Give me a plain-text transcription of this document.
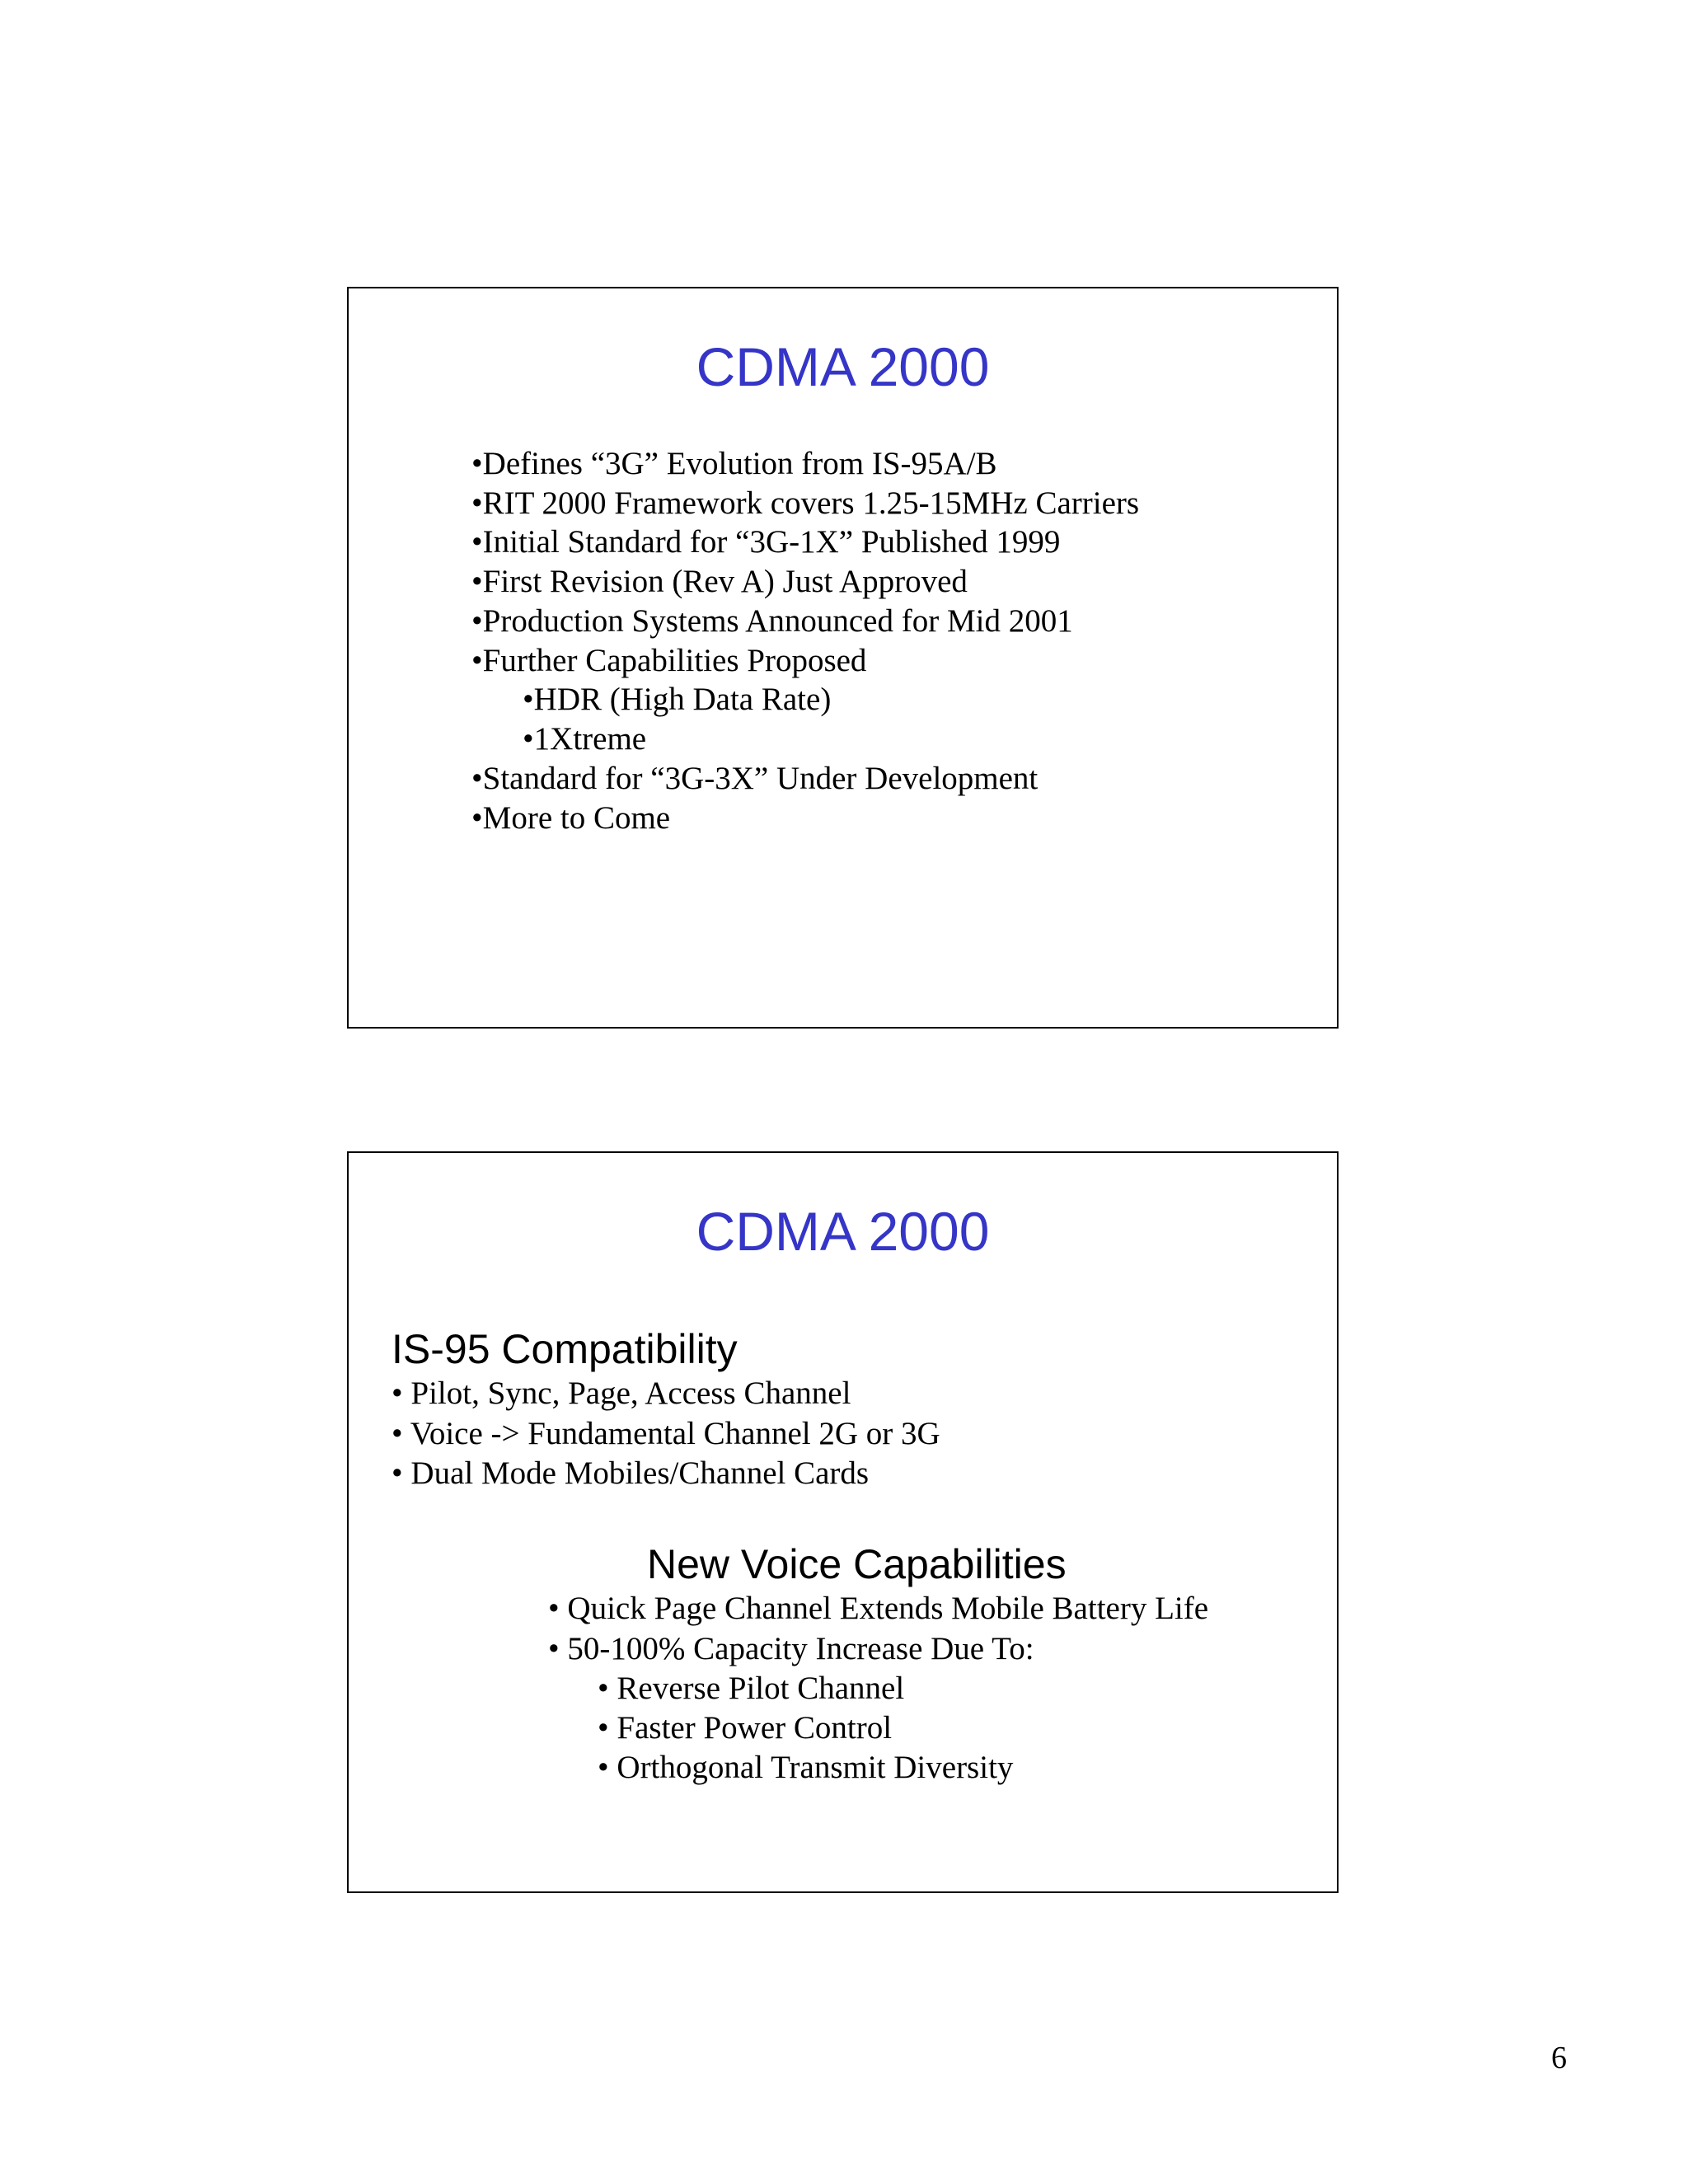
CDMA 2000
•Defines “3G” Evolution from IS-95A/B
•RIT 2000 Framework covers 1.25-15MHz Carriers
•Initial Standard for “3G-1X” Published 1999
•First Revision (Rev A) Just Approved
•Production Systems Announced for Mid 2001
•Further Capabilities Proposed
•HDR (High Data Rate)
•1Xtreme
•Standard for “3G-3X” Under Development
•More to Come
CDMA 2000
IS-95 Compatibility
• Pilot, Sync, Page, Access Channel
• Voice -> Fundamental Channel 2G or 3G
• Dual Mode Mobiles/Channel Cards
New Voice Capabilities
• Quick Page Channel Extends Mobile Battery Life
• 50-100% Capacity Increase Due To:
• Reverse Pilot Channel
• Faster Power Control
• Orthogonal Transmit Diversity
6
